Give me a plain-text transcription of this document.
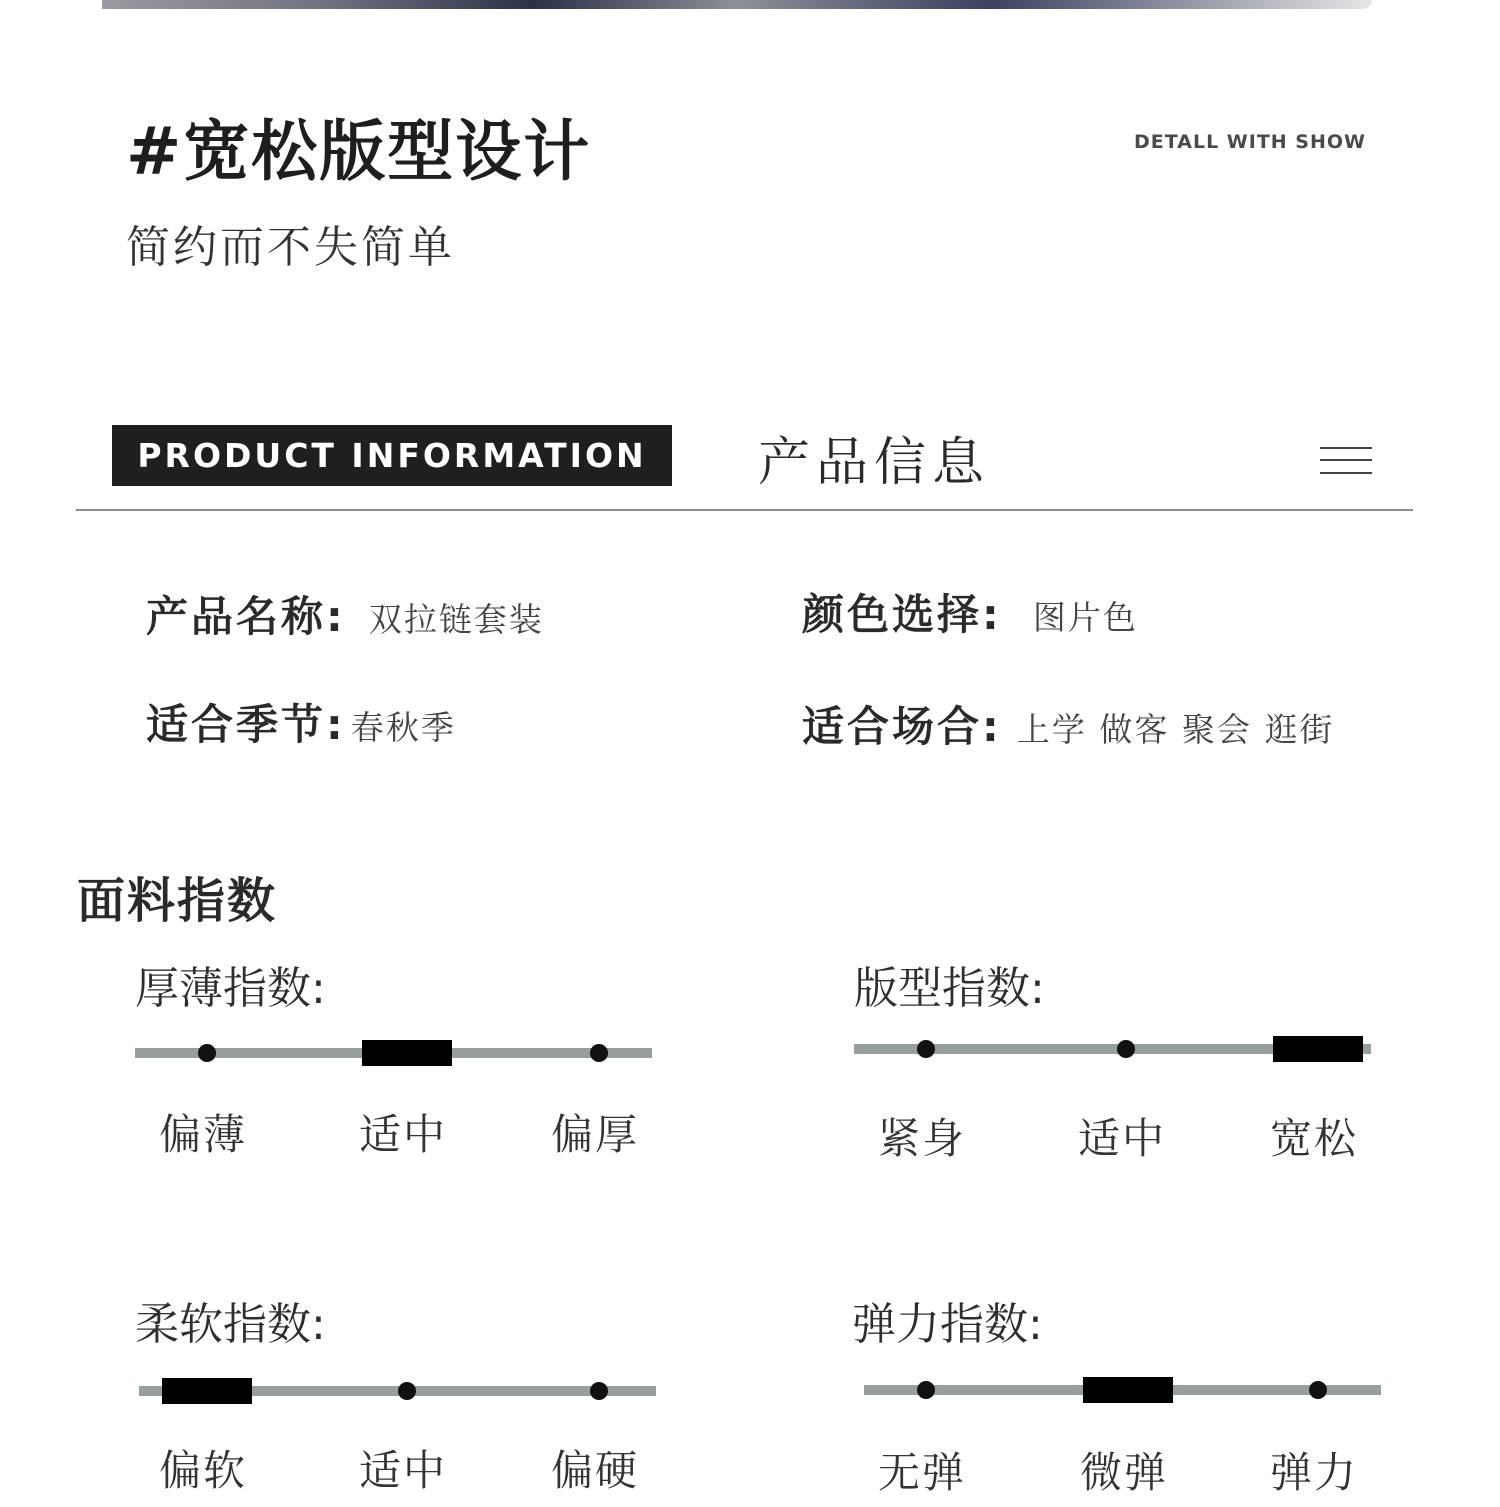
#宽松版型设计	DETALL WITH SHOW
简约而不失简单
PRODUCT INFORMATION 产品信息
产品名称: 双拉链套装	颜色选择: 图片色
适合季节: 春秋季	适合场合: 上学 做客 聚会 逛街
面料指数
厚薄指数:
偏薄	适中 偏厚
版型指数:
紧身	适中 宽松
柔软指数:
偏软	适中 偏硬
弹力指数:
无弹	微弹 弹力
